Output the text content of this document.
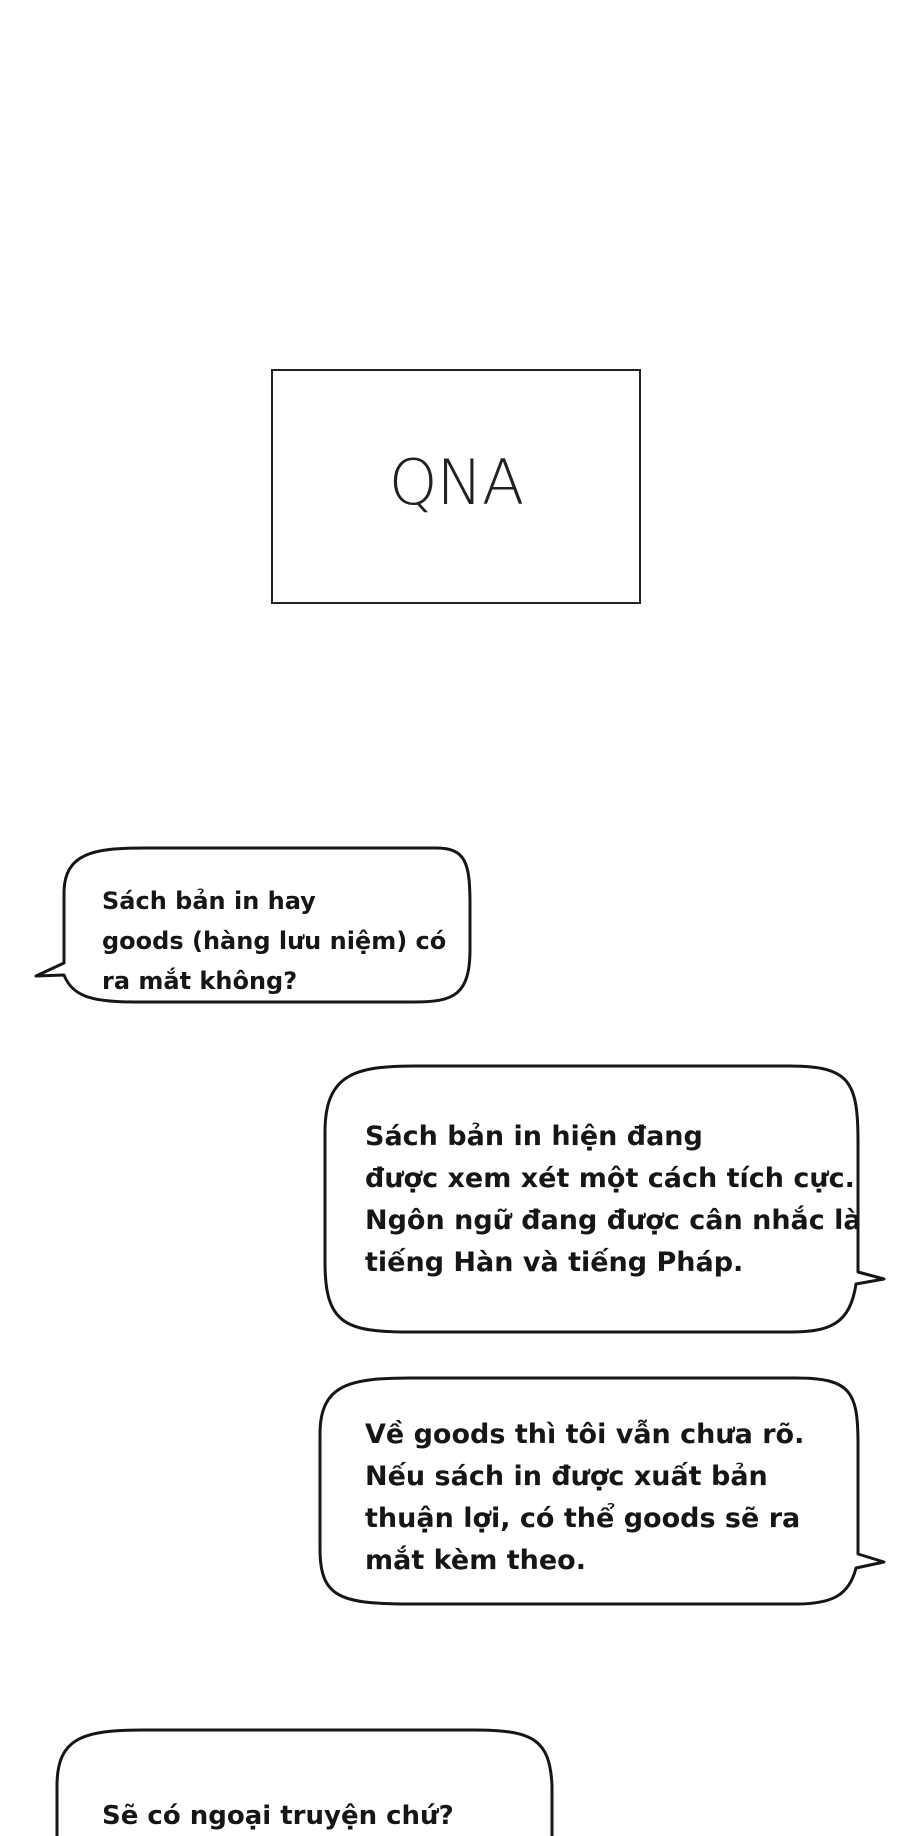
QNA
Sách bản in hay
goods (hàng lưu niệm) có
ra mắt không?
Sách bản in hiện đang
được xem xét một cách tích cực.
Ngôn ngữ đang được cân nhắc là
tiếng Hàn và tiếng Pháp.
Về goods thì tôi vẫn chưa rõ.
Nếu sách in được xuất bản
thuận lợi, có thể goods sẽ ra
mắt kèm theo.
Sẽ có ngoại truyện chứ?
